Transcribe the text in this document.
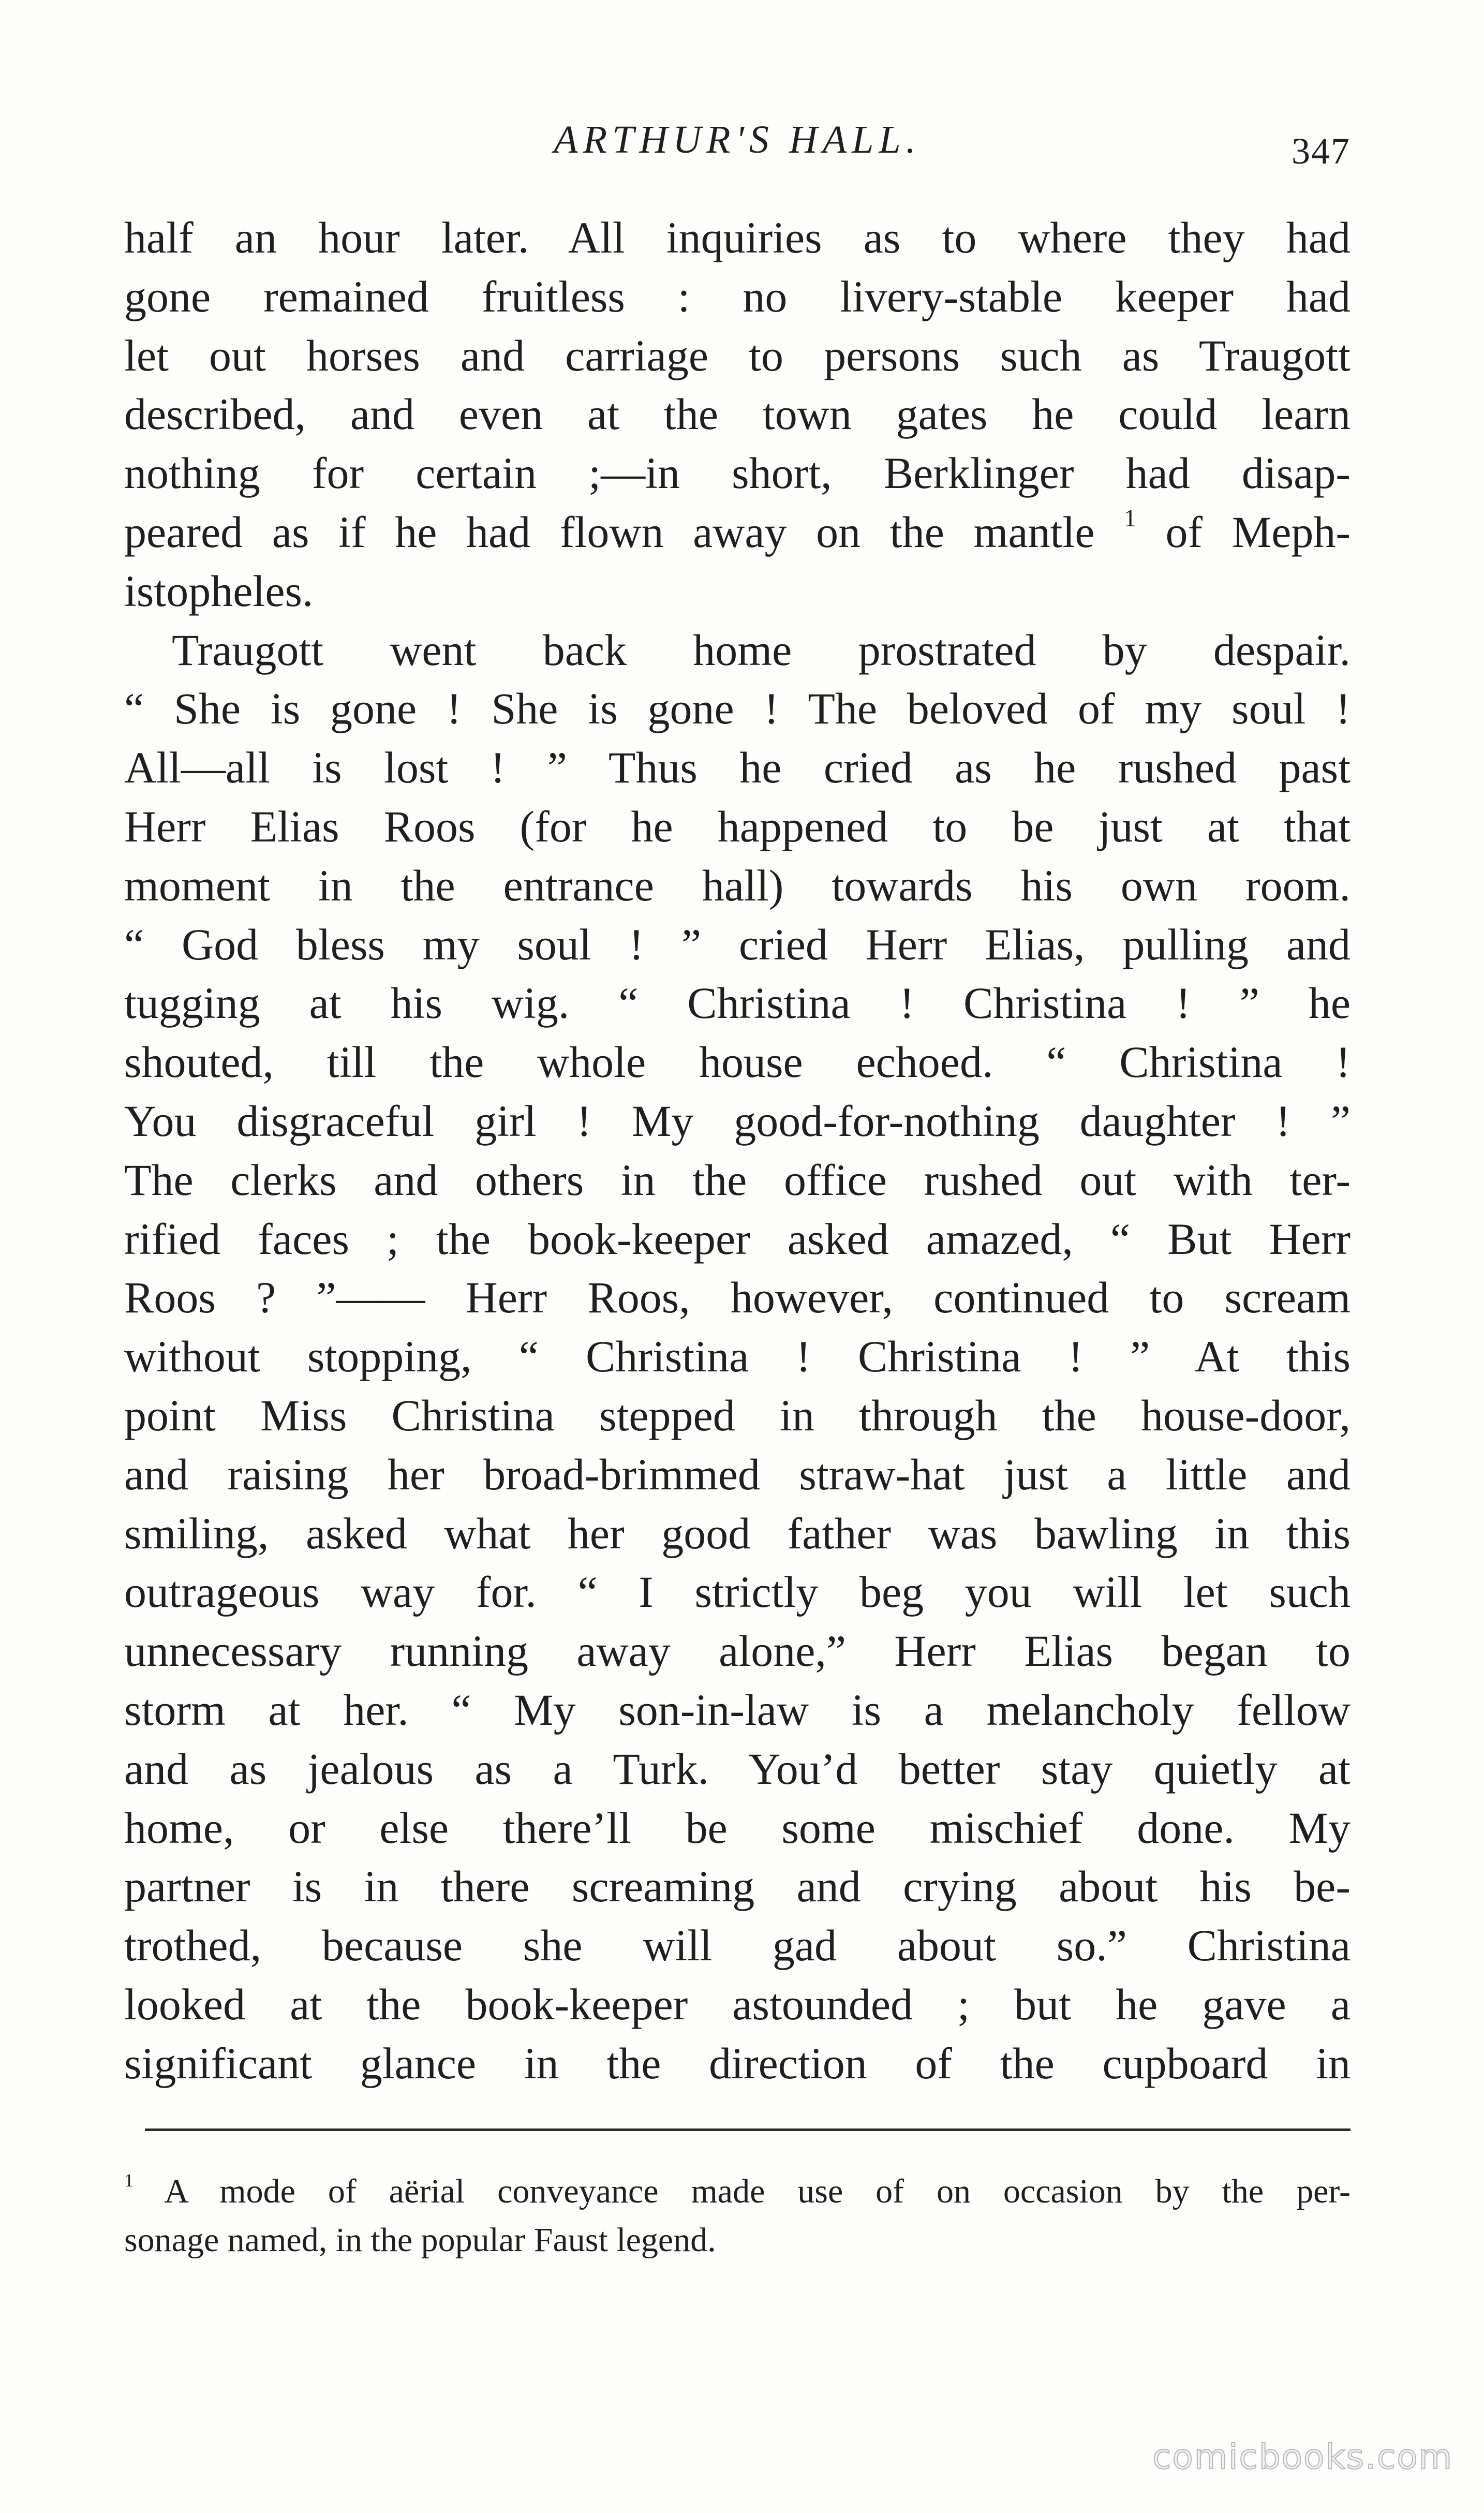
ARTHUR'S HALL.	347
half an hour later. All inquiries as to where they had
gone remained fruitless : no livery-stable keeper had
let out horses and carriage to persons such as Traugott
described, and even at the town gates he could learn
nothing for certain ;—in short, Berklinger had disap-
peared as if he had flown away on the mantle $^1$ of Meph-
istopheles.
Traugott went back home prostrated by despair.
“ She is gone ! She is gone ! The beloved of my soul !
All—all is lost ! ” Thus he cried as he rushed past
Herr Elias Roos (for he happened to be just at that
moment in the entrance hall) towards his own room.
“ God bless my soul ! ” cried Herr Elias, pulling and
tugging at his wig. “ Christina ! Christina ! ” he
shouted, till the whole house echoed. “ Christina !
You disgraceful girl ! My good-for-nothing daughter ! ”
The clerks and others in the office rushed out with ter-
rified faces ; the book-keeper asked amazed, “ But Herr
Roos ? ”—— Herr Roos, however, continued to scream
without stopping, “ Christina ! Christina ! ” At this
point Miss Christina stepped in through the house-door,
and raising her broad-brimmed straw-hat just a little and
smiling, asked what her good father was bawling in this
outrageous way for. “ I strictly beg you will let such
unnecessary running away alone,” Herr Elias began to
storm at her. “ My son-in-law is a melancholy fellow
and as jealous as a Turk. You’d better stay quietly at
home, or else there’ll be some mischief done. My
partner is in there screaming and crying about his be-
trothed, because she will gad about so.” Christina
looked at the book-keeper astounded ; but he gave a
significant glance in the direction of the cupboard in
$^1$ A mode of aërial conveyance made use of on occasion by the per-
sonage named, in the popular Faust legend.
comicbooks.com
